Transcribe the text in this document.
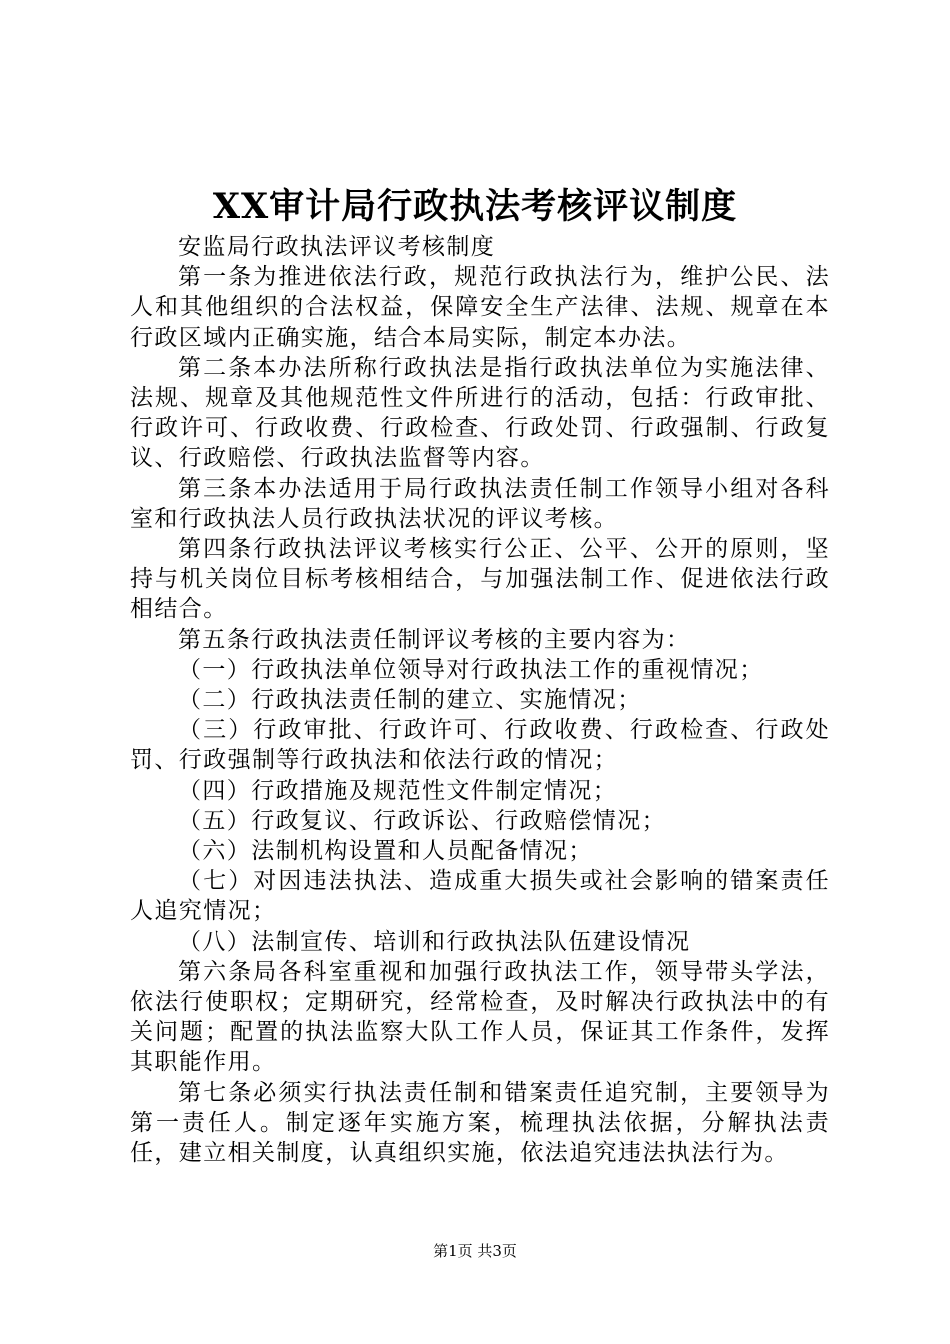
XX审计局行政执法考核评议制度

安监局行政执法评议考核制度

第一条为推进依法行政，规范行政执法行为，维护公民、法人和其他组织的合法权益，保障安全生产法律、法规、规章在本行政区域内正确实施，结合本局实际，制定本办法。

第二条本办法所称行政执法是指行政执法单位为实施法律、法规、规章及其他规范性文件所进行的活动，包括：行政审批、行政许可、行政收费、行政检查、行政处罚、行政强制、行政复议、行政赔偿、行政执法监督等内容。

第三条本办法适用于局行政执法责任制工作领导小组对各科室和行政执法人员行政执法状况的评议考核。

第四条行政执法评议考核实行公正、公平、公开的原则，坚持与机关岗位目标考核相结合，与加强法制工作、促进依法行政相结合。

第五条行政执法责任制评议考核的主要内容为：

（一）行政执法单位领导对行政执法工作的重视情况；

（二）行政执法责任制的建立、实施情况；

（三）行政审批、行政许可、行政收费、行政检查、行政处罚、行政强制等行政执法和依法行政的情况；

（四）行政措施及规范性文件制定情况；

（五）行政复议、行政诉讼、行政赔偿情况；

（六）法制机构设置和人员配备情况；

（七）对因违法执法、造成重大损失或社会影响的错案责任人追究情况；

（八）法制宣传、培训和行政执法队伍建设情况

第六条局各科室重视和加强行政执法工作，领导带头学法，依法行使职权；定期研究，经常检查，及时解决行政执法中的有关问题；配置的执法监察大队工作人员，保证其工作条件，发挥其职能作用。

第七条必须实行执法责任制和错案责任追究制，主要领导为第一责任人。制定逐年实施方案，梳理执法依据，分解执法责任，建立相关制度，认真组织实施，依法追究违法执法行为。

第1页 共3页
